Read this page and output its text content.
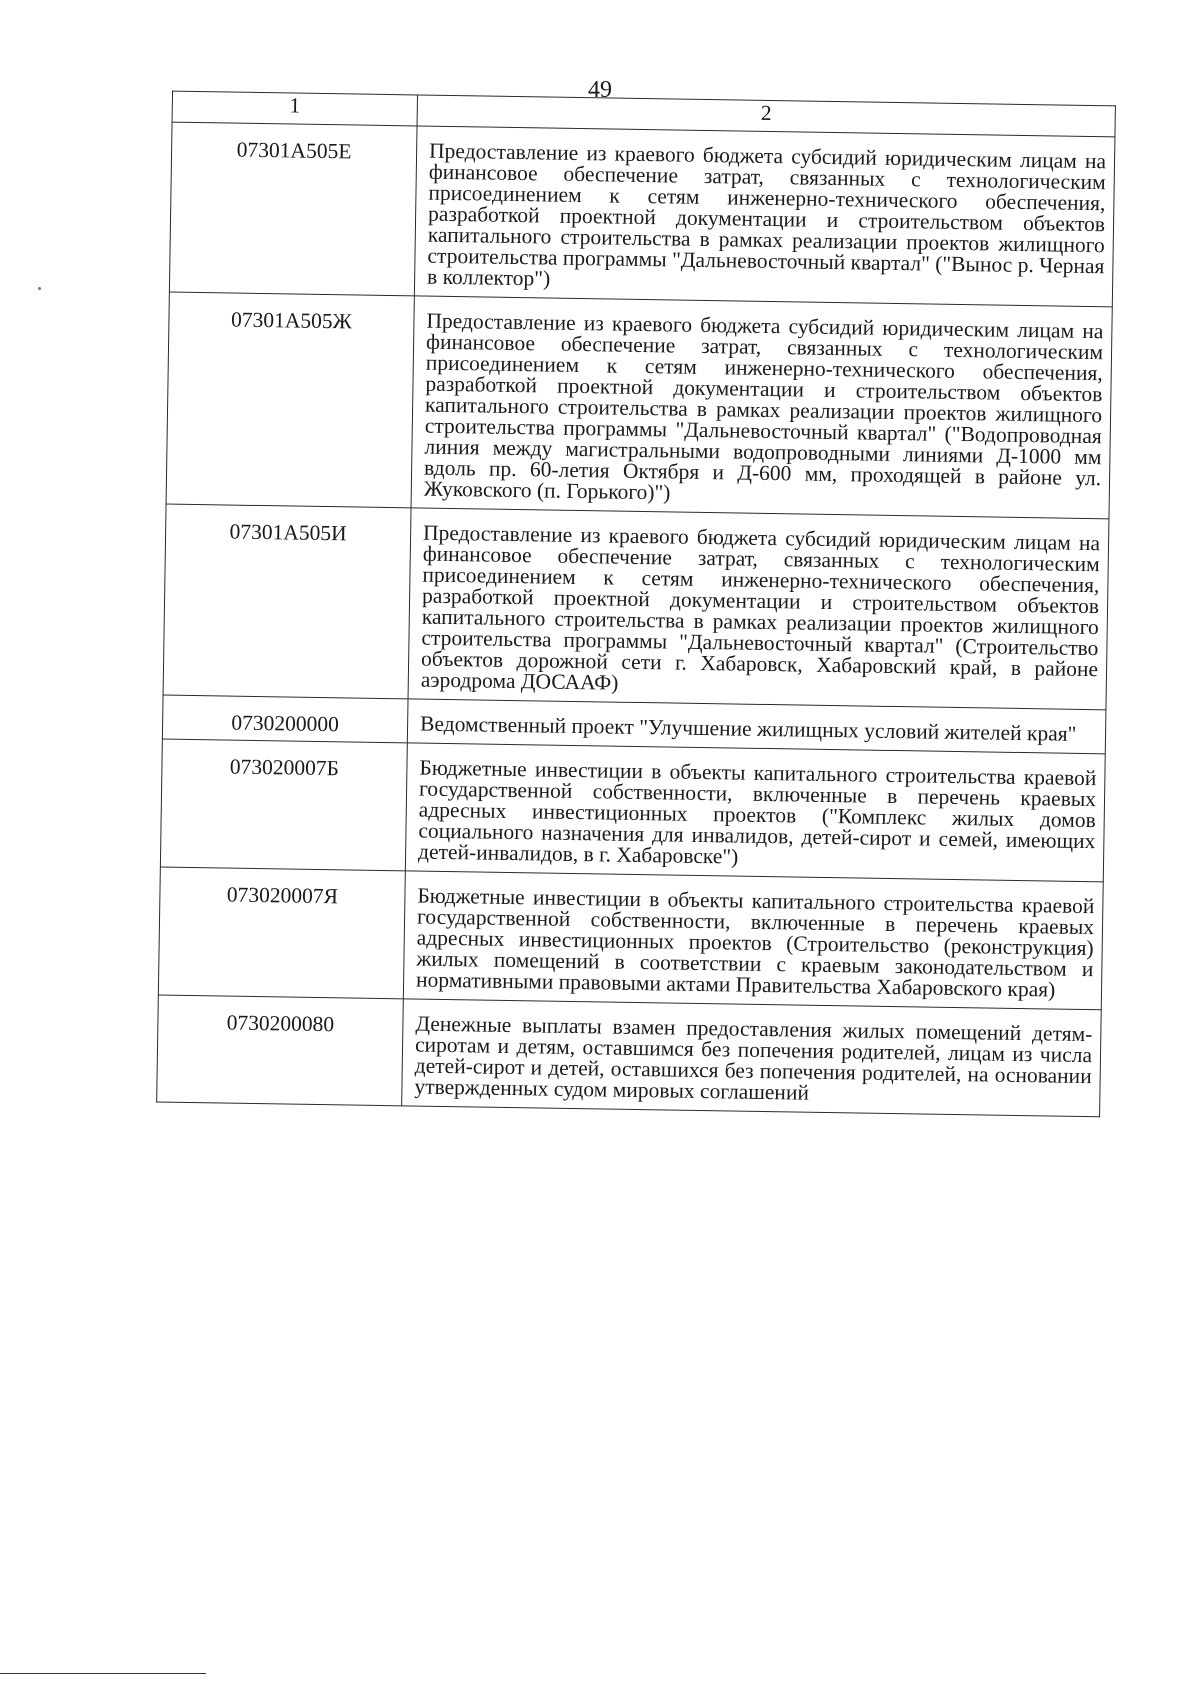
49
1	2
07301А505Е	Предоставление из краевого бюджета субсидий юридическим лицам на финансовое обеспечение затрат, связанных с технологическим присоединением к сетям инженерно-технического обеспечения, разработкой проектной документации и строительством объектов капитального строительства в рамках реализации проектов жилищного строительства программы "Дальневосточный квартал" ("Вынос р. Черная в коллектор")
07301А505Ж	Предоставление из краевого бюджета субсидий юридическим лицам на финансовое обеспечение затрат, связанных с технологическим присоединением к сетям инженерно-технического обеспечения, разработкой проектной документации и строительством объектов капитального строительства в рамках реализации проектов жилищного строительства программы "Дальневосточный квартал" ("Водопроводная линия между магистральными водопроводными линиями Д-1000 мм вдоль пр. 60-летия Октября и Д-600 мм, проходящей в районе ул. Жуковского (п. Горького)")
07301А505И	Предоставление из краевого бюджета субсидий юридическим лицам на финансовое обеспечение затрат, связанных с технологическим присоединением к сетям инженерно-технического обеспечения, разработкой проектной документации и строительством объектов капитального строительства в рамках реализации проектов жилищного строительства программы "Дальневосточный квартал" (Строительство объектов дорожной сети г. Хабаровск, Хабаровский край, в районе аэродрома ДОСААФ)
0730200000	Ведомственный проект "Улучшение жилищных условий жителей края"
073020007Б	Бюджетные инвестиции в объекты капитального строительства краевой государственной собственности, включенные в перечень краевых адресных инвестиционных проектов ("Комплекс жилых домов социального назначения для инвалидов, детей-сирот и семей, имеющих детей-инвалидов, в г. Хабаровске")
073020007Я	Бюджетные инвестиции в объекты капитального строительства краевой государственной собственности, включенные в перечень краевых адресных инвестиционных проектов (Строительство (реконструкция) жилых помещений в соответствии с краевым законодательством и нормативными правовыми актами Правительства Хабаровского края)
0730200080	Денежные выплаты взамен предоставления жилых помещений детям-сиротам и детям, оставшимся без попечения родителей, лицам из числа детей-сирот и детей, оставшихся без попечения родителей, на основании утвержденных судом мировых соглашений
